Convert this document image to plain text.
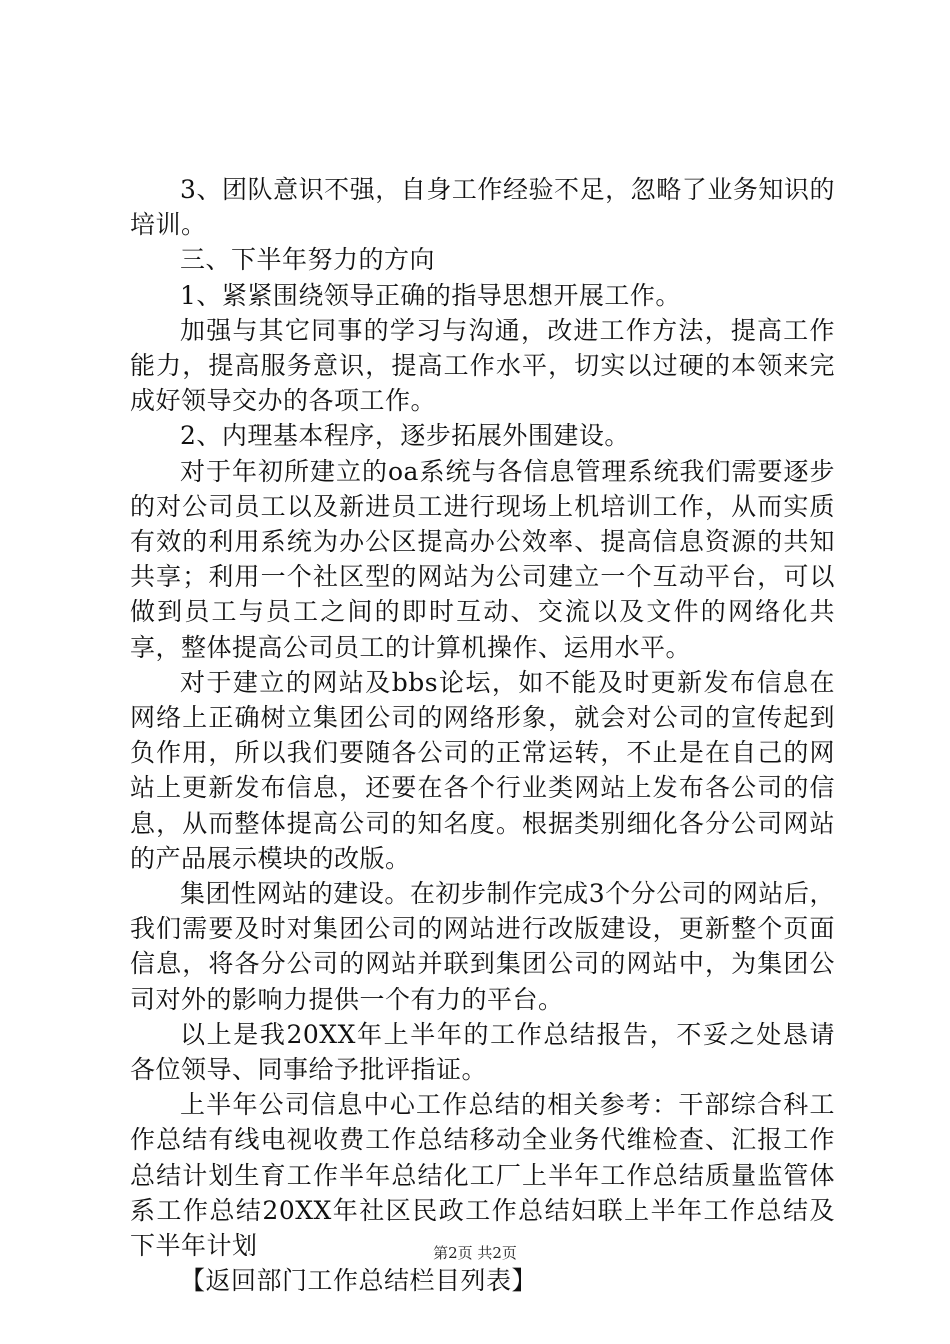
3、团队意识不强，自身工作经验不足，忽略了业务知识的培训。

三、下半年努力的方向

1、紧紧围绕领导正确的指导思想开展工作。

加强与其它同事的学习与沟通，改进工作方法，提高工作能力，提高服务意识，提高工作水平，切实以过硬的本领来完成好领导交办的各项工作。

2、内理基本程序，逐步拓展外围建设。

对于年初所建立的oa系统与各信息管理系统我们需要逐步的对公司员工以及新进员工进行现场上机培训工作，从而实质有效的利用系统为办公区提高办公效率、提高信息资源的共知共享；利用一个社区型的网站为公司建立一个互动平台，可以做到员工与员工之间的即时互动、交流以及文件的网络化共享，整体提高公司员工的计算机操作、运用水平。

对于建立的网站及bbs论坛，如不能及时更新发布信息在网络上正确树立集团公司的网络形象，就会对公司的宣传起到负作用，所以我们要随各公司的正常运转，不止是在自己的网站上更新发布信息，还要在各个行业类网站上发布各公司的信息，从而整体提高公司的知名度。根据类别细化各分公司网站的产品展示模块的改版。

集团性网站的建设。在初步制作完成3个分公司的网站后，我们需要及时对集团公司的网站进行改版建设，更新整个页面信息，将各分公司的网站并联到集团公司的网站中，为集团公司对外的影响力提供一个有力的平台。

以上是我20XX年上半年的工作总结报告，不妥之处恳请各位领导、同事给予批评指证。

上半年公司信息中心工作总结的相关参考：干部综合科工作总结有线电视收费工作总结移动全业务代维检查、汇报工作总结计划生育工作半年总结化工厂上半年工作总结质量监管体系工作总结20XX年社区民政工作总结妇联上半年工作总结及下半年计划

【返回部门工作总结栏目列表】

第2页 共2页
